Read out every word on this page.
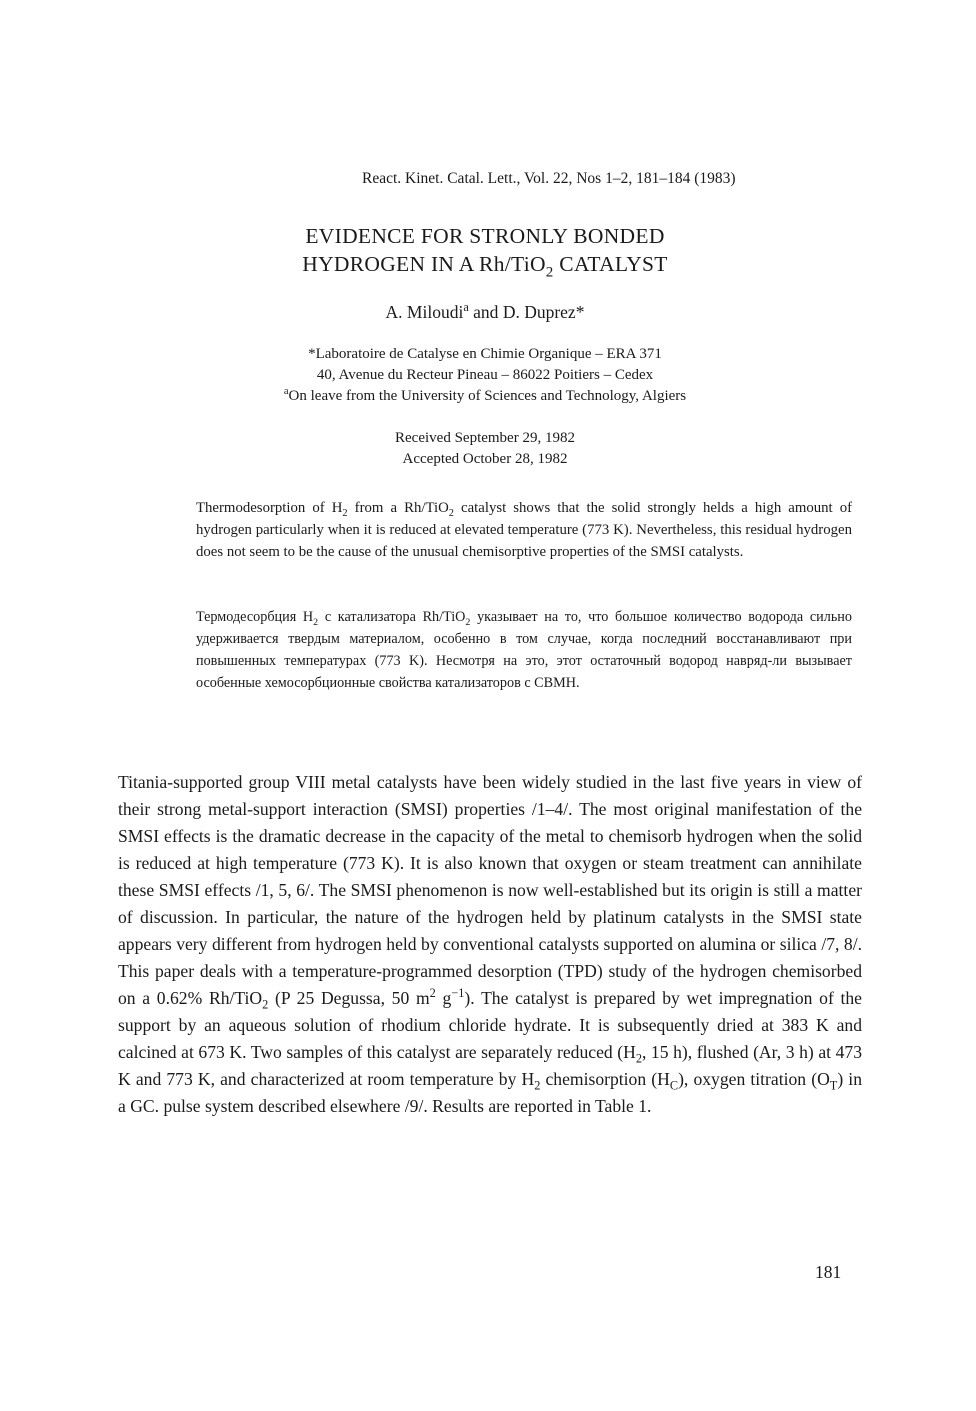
React. Kinet. Catal. Lett., Vol. 22, Nos 1–2, 181–184 (1983)
EVIDENCE FOR STRONLY BONDED
HYDROGEN IN A Rh/TiO$_2$ CATALYST
A. Miloudi$^a$ and D. Duprez*
*Laboratoire de Catalyse en Chimie Organique – ERA 371
40, Avenue du Recteur Pineau – 86022 Poitiers – Cedex
$^a$On leave from the University of Sciences and Technology, Algiers
Received September 29, 1982
Accepted October 28, 1982
Thermodesorption of $H_2$ from a Rh/TiO$_2$ catalyst shows that the solid strongly helds a high amount of hydrogen particularly when it is reduced at elevated temperature (773 K). Nevertheless, this residual hydrogen does not seem to be the cause of the unusual chemisorptive properties of the SMSI catalysts.
Термодесорбция $H_2$ с катализатора Rh/TiO$_2$ указывает на то, что большое количество водорода сильно удерживается твердым материалом, особенно в том случае, когда последний восстанавливают при повышенных температурах (773 K). Несмотря на это, этот остаточный водород навряд-ли вызывает особенные хемосорбционные свойства катализаторов с СВМН.
Titania-supported group VIII metal catalysts have been widely studied in the last five years in view of their strong metal-support interaction (SMSI) properties /1–4/. The most original manifestation of the SMSI effects is the dramatic decrease in the capacity of the metal to chemisorb hydrogen when the solid is reduced at high temperature (773 K). It is also known that oxygen or steam treatment can annihilate these SMSI effects /1, 5, 6/. The SMSI phenomenon is now well-established but its origin is still a matter of discussion. In particular, the nature of the hydrogen held by platinum catalysts in the SMSI state appears very different from hydrogen held by conventional catalysts supported on alumina or silica /7, 8/. This paper deals with a temperature-programmed desorption (TPD) study of the hydrogen chemisorbed on a 0.62% Rh/TiO$_2$ (P 25 Degussa, 50 $m^2$ $g^{-1}$). The catalyst is prepared by wet impregnation of the support by an aqueous solution of rhodium chloride hydrate. It is subsequently dried at 383 K and calcined at 673 K. Two samples of this catalyst are separately reduced ($H_2$, 15 h), flushed (Ar, 3 h) at 473 K and 773 K, and characterized at room temperature by $H_2$ chemisorption $(H_C)$, oxygen titration $(O_T)$ in a GC. pulse system described elsewhere /9/. Results are reported in Table 1.
181
